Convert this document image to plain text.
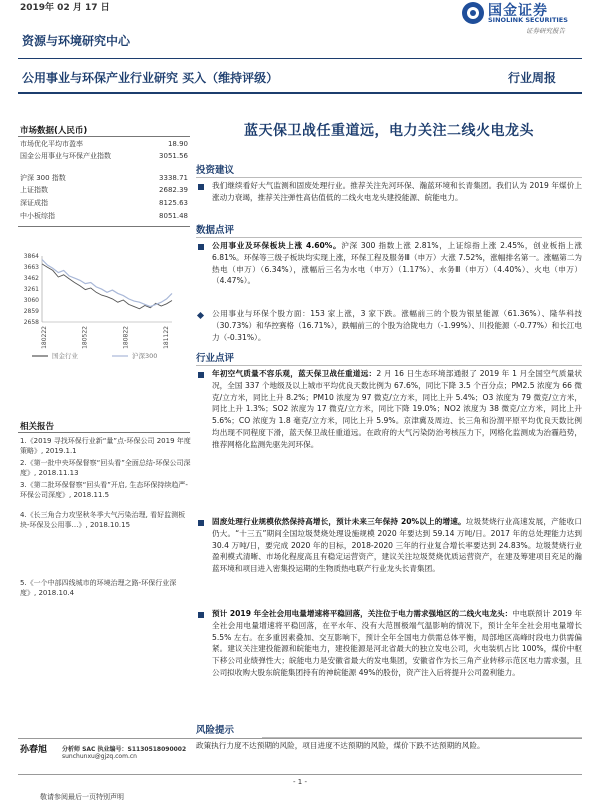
2019年 02 月 17 日	国金证券
SINOLINK SECURITIES
证券研究报告
资源与环境研究中心
公用事业与环保产业行业研究 买入（维持评级）	行业周报
市场数据(人民币)
市场优化平均市盈率	18.90
国金公用事业与环保产业指数	3051.56
沪深 300 指数	3338.71
上证指数	2682.39
深证成指	8125.63
中小板综指	8051.48
3864
3663
3462
3261
3060
2859
2658
180222	180522	180822	181122
国金行业	沪深300
相关报告
1.《2019 寻找环保行业新“量”点-环保公司 2019 年度策略》, 2019.1.1
2.《第一批中央环保督察“回头看”全面总结-环保公司深度》, 2018.11.13
3.《第二批环保督察“回头看”开启, 生态环保持续趋严-环保公司深度》, 2018.11.5
4.《长三角合力攻坚秋冬季大气污染治理, 看好监测板块-环保及公用事…》, 2018.10.15
5.《一个中部四线城市的环境治理之路-环保行业深度》, 2018.10.4
孙春旭 分析师 SAC 执业编号：S1130518090002
sunchunxu@gjzq.com.cn
蓝天保卫战任重道远，电力关注二线火电龙头
投资建议
我们继续看好大气监测和固废处理行业。推荐关注先河环保、瀚蓝环境和长青集团。我们认为 2019 年煤价上涨动力衰竭，推荐关注弹性高估值低的二线火电龙头建投能源、皖能电力。
数据点评
公用事业及环保板块上涨 4.60%。沪深 300 指数上涨 2.81%，上证综指上涨 2.45%，创业板指上涨 6.81%。环保等三级子板块均实现上涨，环保工程及服务Ⅲ（申万）大涨 7.52%，涨幅排名第一。涨幅第二为热电（申万）（6.34%），涨幅后三名为水电（申万）（1.17%）、水务Ⅲ（申万）（4.40%）、火电（申万）（4.47%）。
公用事业与环保个股方面：153 家上涨，3 家下跌。涨幅前三的个股为银星能源（61.36%）、隆华科技（30.73%）和华控赛格（16.71%），跌幅前三的个股为洽陇电力（-1.99%）、川投能源（-0.77%）和长江电力（-0.31%）。
行业点评
年初空气质量不容乐观，蓝天保卫战任重道远：2 月 16 日生态环境部通报了 2019 年 1 月全国空气质量状况，全国 337 个地级及以上城市平均优良天数比例为 67.6%，同比下降 3.5 个百分点；PM2.5 浓度为 66 微克/立方米，同比上升 8.2%；PM10 浓度为 97 微克/立方米，同比上升 5.4%；O3 浓度为 79 微克/立方米，同比上升 1.3%；SO2 浓度为 17 微克/立方米，同比下降 19.0%；NO2 浓度为 38 微克/立方米，同比上升 5.6%；CO 浓度为 1.8 毫克/立方米，同比上升 5.9%。京津冀及周边、长三角和汾渭平原平均优良天数比例均出现不同程度下滑，蓝天保卫战任重道远。在政府的大气污染防治考核压力下，网格化监测成为治霾趋势，推荐网格化监测先驱先河环保。
固废处理行业规模依然保持高增长，预计未来三年保持 20%以上的增速。垃圾焚烧行业高速发展，产能收口仍大。“十三五”期间全国垃圾焚烧处理设施规模 2020 年要达到 59.14 万吨/日。2017 年的总处理能力达到 30.4 万吨/日，要完成 2020 年的目标，2018-2020 三年的行业复合增长率要达到 24.83%。垃圾焚烧行业盈利模式清晰、市场化程度高且有稳定运营资产，建议关注垃圾焚烧优质运营资产，在建及筹建项目充足的瀚蓝环境和项目进入密集投运期的生物质热电联产行业龙头长青集团。
预计 2019 年全社会用电量增速将平稳回落，关注位于电力需求强地区的二线火电龙头：中电联预计 2019 年全社会用电量增速将平稳回落，在平水年、没有大范围极端气温影响的情况下，预计全年全社会用电量增长 5.5% 左右。在多重因素叠加、交互影响下，预计全年全国电力供需总体平衡，局部地区高峰时段电力供需偏紧。建议关注建投能源和皖能电力，建投能源是河北省最大的独立发电公司，火电装机占比 100%，煤价中枢下移公司业绩弹性大；皖能电力是安徽省最大的发电集团，安徽省作为长三角产业转移示范区电力需求强，且公司拟收购大股东皖能集团持有的神皖能源 49%的股份，资产注入后将提升公司盈利能力。
风险提示
政策执行力度不达预期的风险，项目进度不达预期的风险，煤价下跌不达预期的风险。
- 1 -
敬请参阅最后一页特别声明
